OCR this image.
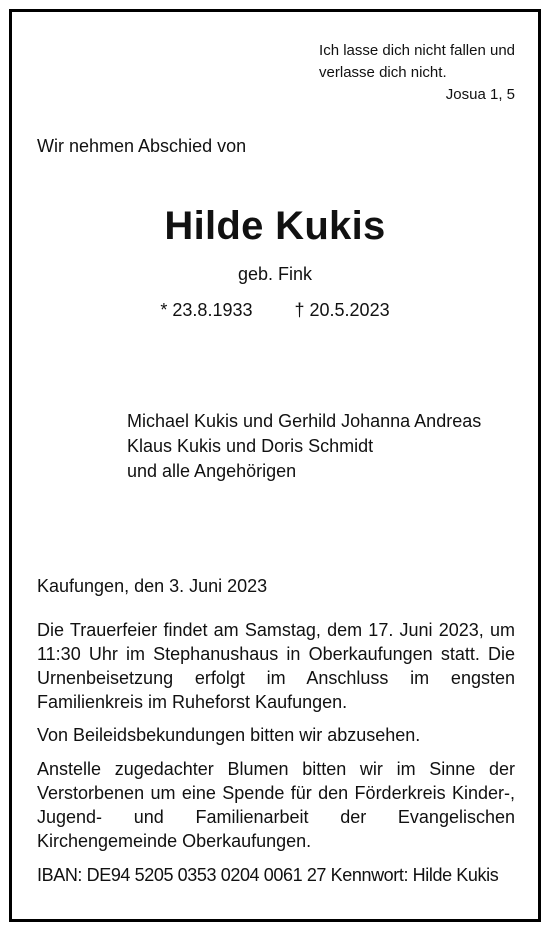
Ich lasse dich nicht fallen und
verlasse dich nicht.
Josua 1, 5
Wir nehmen Abschied von
Hilde Kukis
geb. Fink
* 23.8.1933 † 20.5.2023
Michael Kukis und Gerhild Johanna Andreas
Klaus Kukis und Doris Schmidt
und alle Angehörigen
Kaufungen, den 3. Juni 2023
Die Trauerfeier findet am Samstag, dem 17. Juni 2023, um 11:30 Uhr im Stephanushaus in Oberkaufungen statt. Die Urnenbeisetzung erfolgt im Anschluss im engsten Familienkreis im Ruheforst Kaufungen.
Von Beileidsbekundungen bitten wir abzusehen.
Anstelle zugedachter Blumen bitten wir im Sinne der Verstorbenen um eine Spende für den Förderkreis Kinder-, Jugend- und Familienarbeit der Evangelischen Kirchengemeinde Oberkaufungen.
IBAN: DE94 5205 0353 0204 0061 27 Kennwort: Hilde Kukis
